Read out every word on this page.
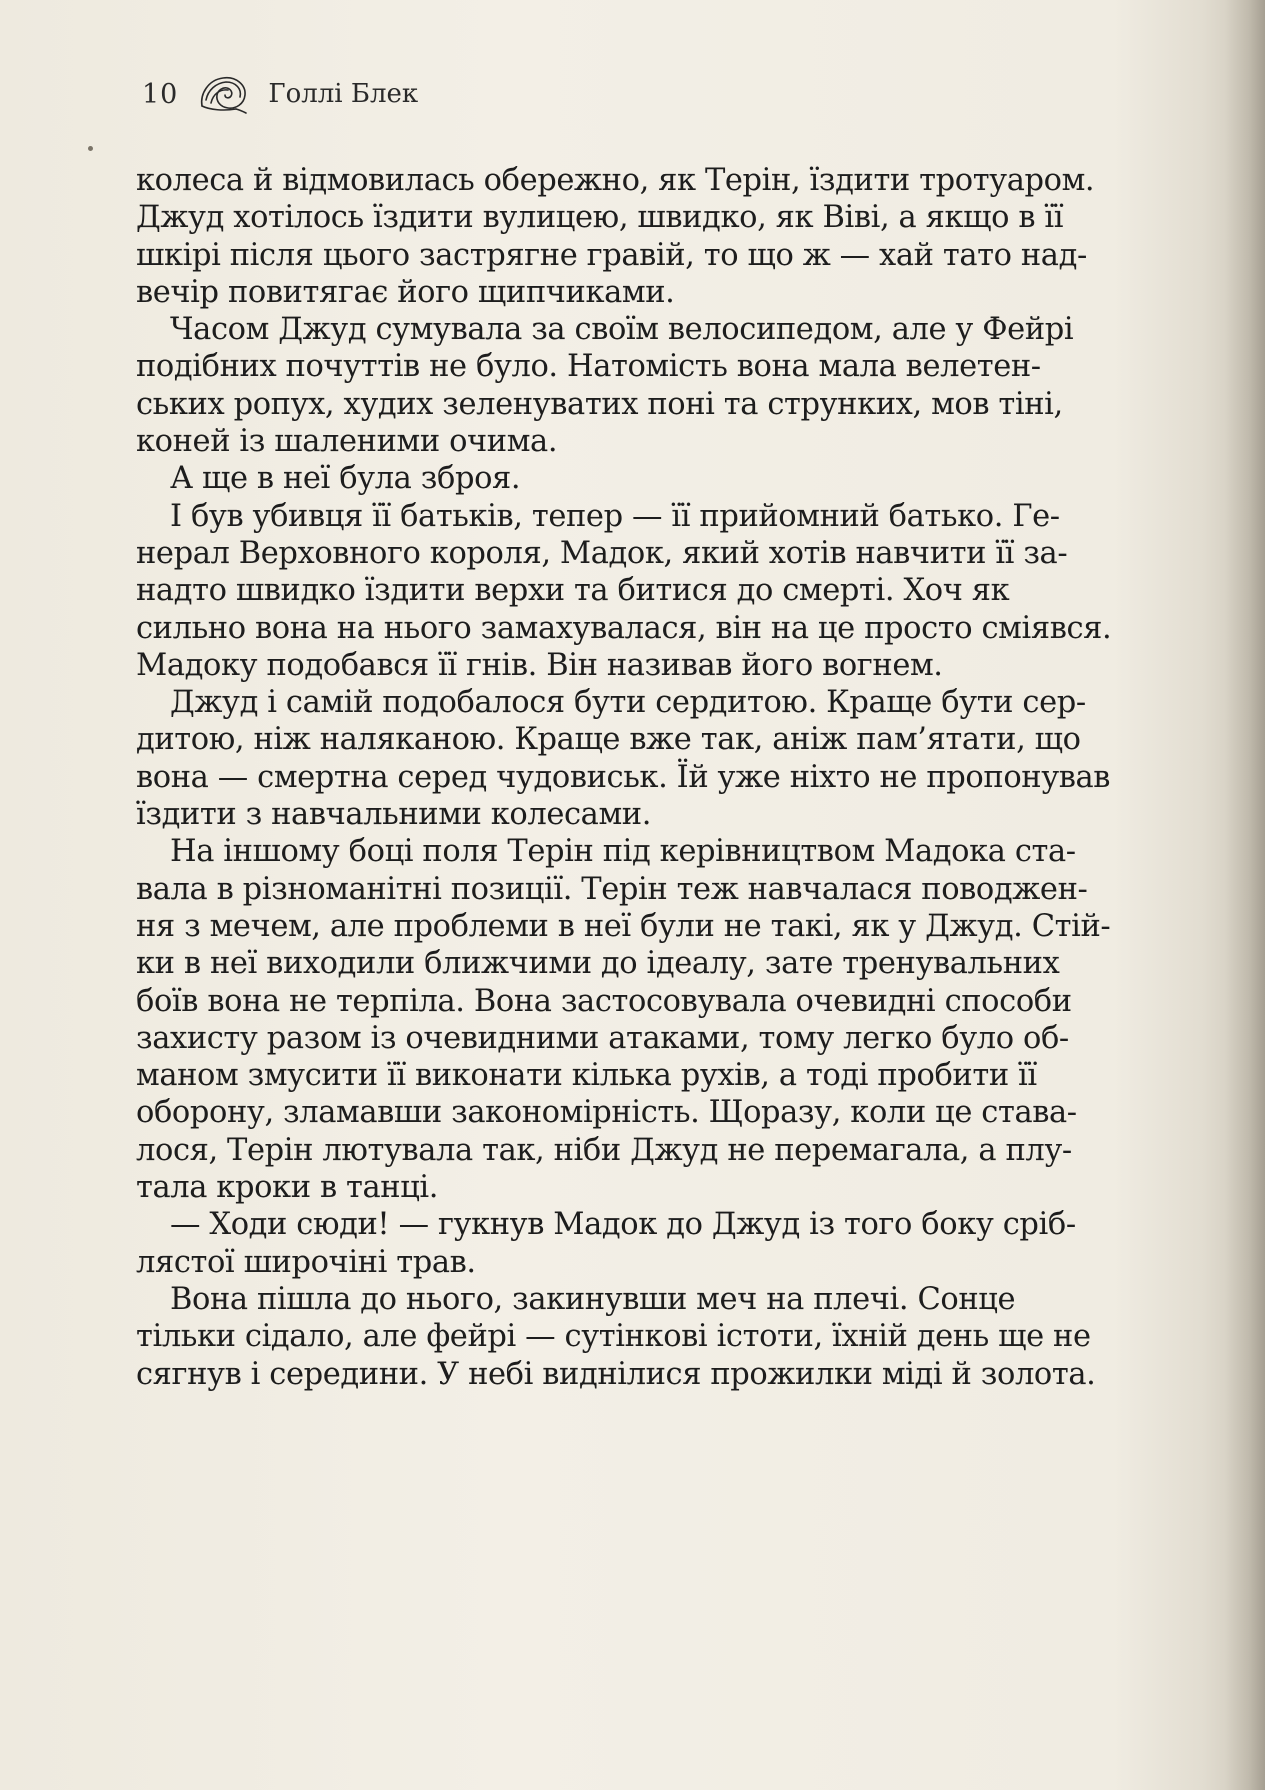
10	Голлі Блек
колеса й відмовилась обережно, як Терін, їздити тротуаром.
Джуд хотілось їздити вулицею, швидко, як Віві, а якщо в її
шкірі після цього застрягне гравій, то що ж — хай тато над-
вечір повитягає його щипчиками.
Часом Джуд сумувала за своїм велосипедом, але у Фейрі
подібних почуттів не було. Натомість вона мала велетен-
ських ропух, худих зеленуватих поні та струнких, мов тіні,
коней із шаленими очима.
А ще в неї була зброя.
І був убивця її батьків, тепер — її прийомний батько. Ге-
нерал Верховного короля, Мадок, який хотів навчити її за-
надто швидко їздити верхи та битися до смерті. Хоч як
сильно вона на нього замахувалася, він на це просто сміявся.
Мадоку подобався її гнів. Він називав його вогнем.
Джуд і самій подобалося бути сердитою. Краще бути сер-
дитою, ніж наляканою. Краще вже так, аніж пам’ятати, що
вона — смертна серед чудовиськ. Їй уже ніхто не пропонував
їздити з навчальними колесами.
На іншому боці поля Терін під керівництвом Мадока ста-
вала в різноманітні позиції. Терін теж навчалася поводжен-
ня з мечем, але проблеми в неї були не такі, як у Джуд. Стій-
ки в неї виходили ближчими до ідеалу, зате тренувальних
боїв вона не терпіла. Вона застосовувала очевидні способи
захисту разом із очевидними атаками, тому легко було об-
маном змусити її виконати кілька рухів, а тоді пробити її
оборону, зламавши закономірність. Щоразу, коли це става-
лося, Терін лютувала так, ніби Джуд не перемагала, а плу-
тала кроки в танці.
— Ходи сюди! — гукнув Мадок до Джуд із того боку сріб-
лястої широчіні трав.
Вона пішла до нього, закинувши меч на плечі. Сонце
тільки сідало, але фейрі — сутінкові істоти, їхній день ще не
сягнув і середини. У небі виднілися прожилки міді й золота.
